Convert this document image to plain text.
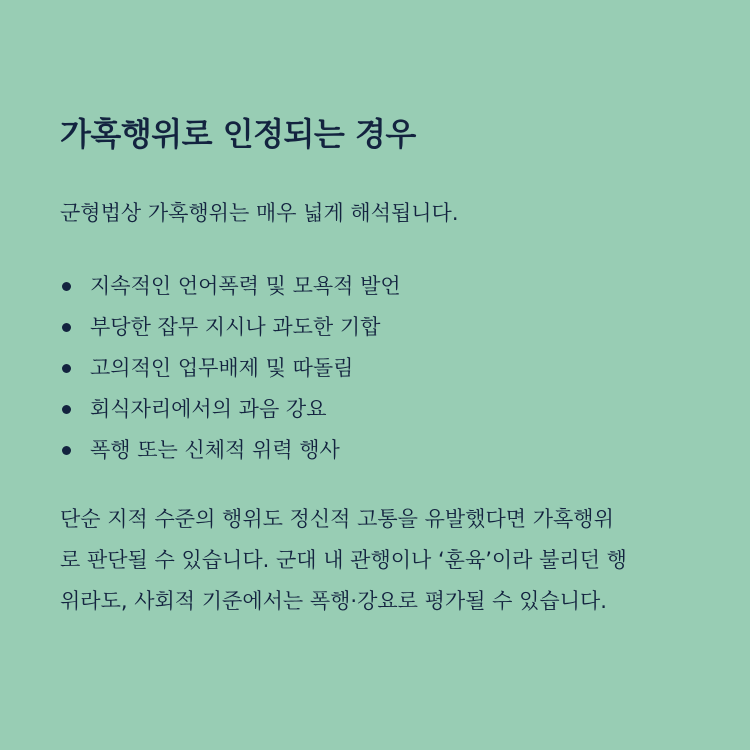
가혹행위로 인정되는 경우

군형법상 가혹행위는 매우 넓게 해석됩니다.

지속적인 언어폭력 및 모욕적 발언
부당한 잡무 지시나 과도한 기합
고의적인 업무배제 및 따돌림
회식자리에서의 과음 강요
폭행 또는 신체적 위력 행사

단순 지적 수준의 행위도 정신적 고통을 유발했다면 가혹행위
로 판단될 수 있습니다. 군대 내 관행이나 ‘훈육’이라 불리던 행
위라도, 사회적 기준에서는 폭행·강요로 평가될 수 있습니다.
